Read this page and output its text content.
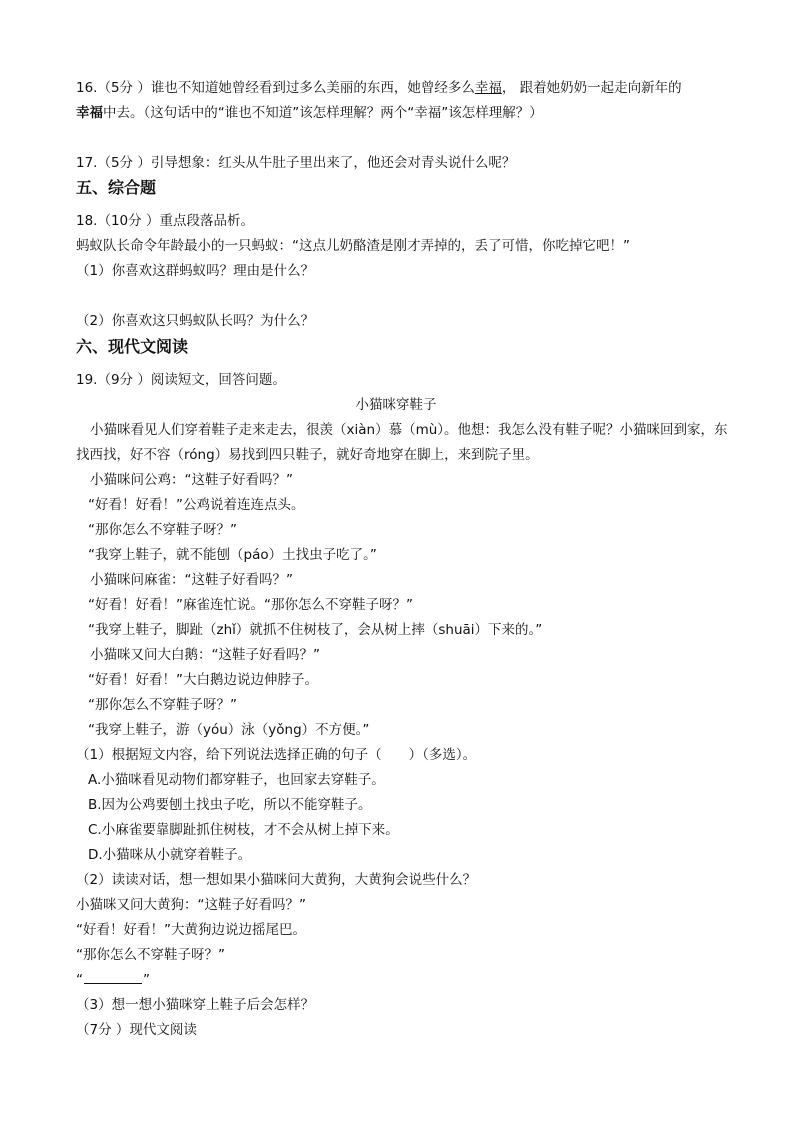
16.（5分 ）谁也不知道她曾经看到过多么美丽的东西，她曾经多么幸福， 跟着她奶奶一起走向新年的
幸福中去。（这句话中的“谁也不知道”该怎样理解？两个“幸福”该怎样理解？）
17.（5分 ）引导想象：红头从牛肚子里出来了，他还会对青头说什么呢？
五、综合题
18.（10分 ）重点段落品析。
蚂蚁队长命令年龄最小的一只蚂蚁：“这点儿奶酪渣是刚才弄掉的，丢了可惜，你吃掉它吧！”
（1）你喜欢这群蚂蚁吗？理由是什么？
（2）你喜欢这只蚂蚁队长吗？为什么？
六、现代文阅读
19.（9分 ）阅读短文，回答问题。
小猫咪穿鞋子
小猫咪看见人们穿着鞋子走来走去，很羡（xiàn）慕（mù）。他想：我怎么没有鞋子呢？小猫咪回到家，东找西找，好不容（róng）易找到四只鞋子，就好奇地穿在脚上，来到院子里。
小猫咪问公鸡：“这鞋子好看吗？”
“好看！好看！”公鸡说着连连点头。
“那你怎么不穿鞋子呀？”
“我穿上鞋子，就不能刨（páo）土找虫子吃了。”
小猫咪问麻雀：“这鞋子好看吗？”
“好看！好看！”麻雀连忙说。“那你怎么不穿鞋子呀？”
“我穿上鞋子，脚趾（zhǐ）就抓不住树枝了，会从树上摔（shuāi）下来的。”
小猫咪又问大白鹅：“这鞋子好看吗？”
“好看！好看！”大白鹅边说边伸脖子。
“那你怎么不穿鞋子呀？”
“我穿上鞋子，游（yóu）泳（yǒng）不方便。”
（1）根据短文内容，给下列说法选择正确的句子（　　）（多选）。
A.小猫咪看见动物们都穿鞋子，也回家去穿鞋子。
B.因为公鸡要刨土找虫子吃，所以不能穿鞋子。
C.小麻雀要靠脚趾抓住树枝，才不会从树上掉下来。
D.小猫咪从小就穿着鞋子。
（2）读读对话，想一想如果小猫咪问大黄狗，大黄狗会说些什么？
小猫咪又问大黄狗：“这鞋子好看吗？”
“好看！好看！”大黄狗边说边摇尾巴。
“那你怎么不穿鞋子呀？”
“	”
（3）想一想小猫咪穿上鞋子后会怎样？
（7分 ）现代文阅读
